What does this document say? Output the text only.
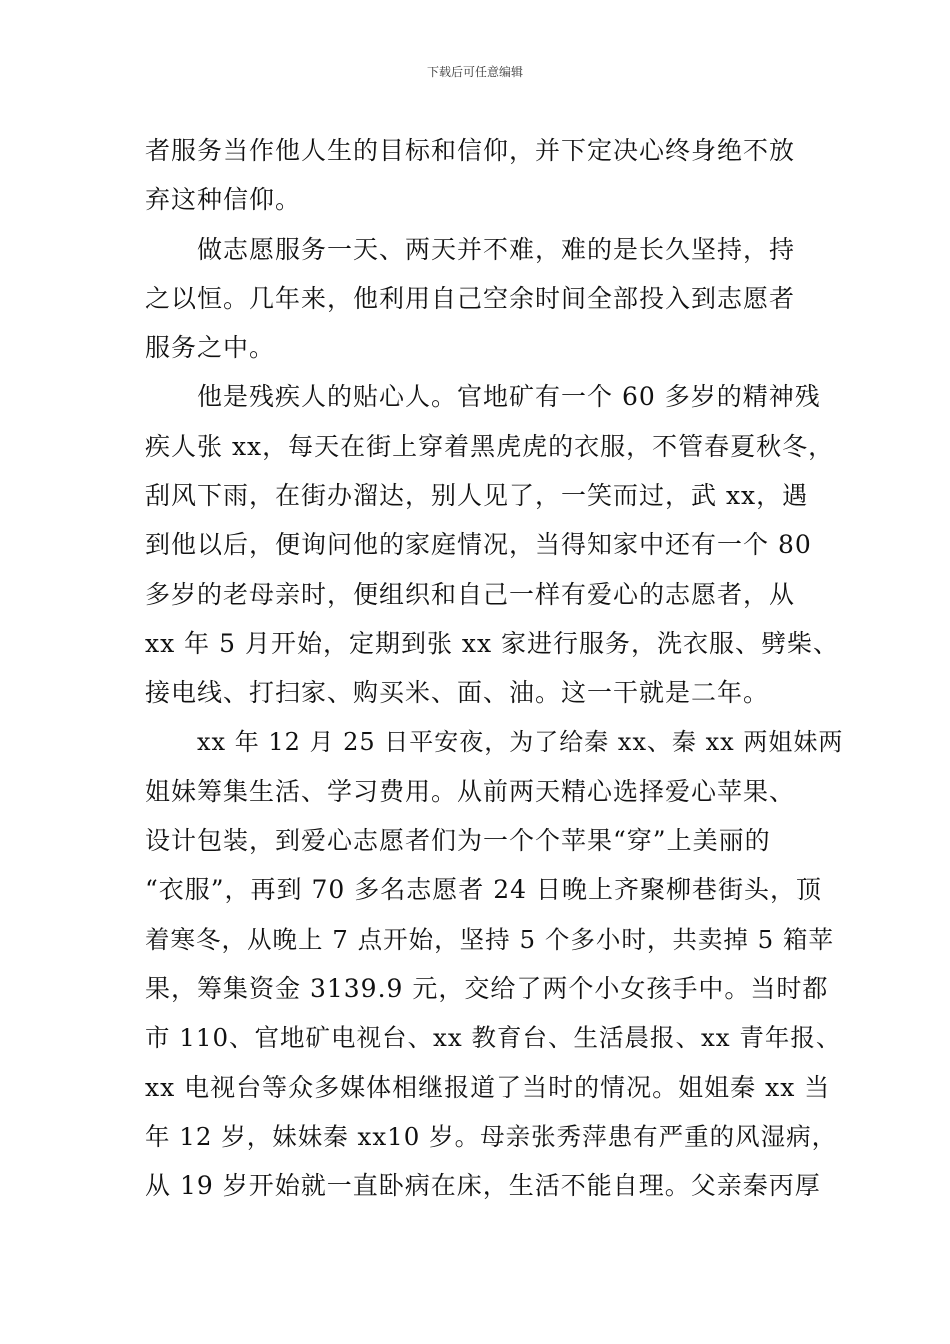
下载后可任意编辑
者服务当作他人生的目标和信仰，并下定决心终身绝不放
弃这种信仰。
做志愿服务一天、两天并不难，难的是长久坚持，持
之以恒。几年来，他利用自己空余时间全部投入到志愿者
服务之中。
他是残疾人的贴心人。官地矿有一个 60 多岁的精神残
疾人张 xx，每天在街上穿着黑虎虎的衣服，不管春夏秋冬，
刮风下雨，在街办溜达，别人见了，一笑而过，武 xx，遇
到他以后，便询问他的家庭情况，当得知家中还有一个 80
多岁的老母亲时，便组织和自己一样有爱心的志愿者，从
xx 年 5 月开始，定期到张 xx 家进行服务，洗衣服、劈柴、
接电线、打扫家、购买米、面、油。这一干就是二年。
xx 年 12 月 25 日平安夜，为了给秦 xx、秦 xx 两姐妹两
姐妹筹集生活、学习费用。从前两天精心选择爱心苹果、
设计包装，到爱心志愿者们为一个个苹果“穿”上美丽的
“衣服”，再到 70 多名志愿者 24 日晚上齐聚柳巷街头，顶
着寒冬，从晚上 7 点开始，坚持 5 个多小时，共卖掉 5 箱苹
果，筹集资金 3139.9 元，交给了两个小女孩手中。当时都
市 110、官地矿电视台、xx 教育台、生活晨报、xx 青年报、
xx 电视台等众多媒体相继报道了当时的情况。姐姐秦 xx 当
年 12 岁，妹妹秦 xx10 岁。母亲张秀萍患有严重的风湿病，
从 19 岁开始就一直卧病在床，生活不能自理。父亲秦丙厚
